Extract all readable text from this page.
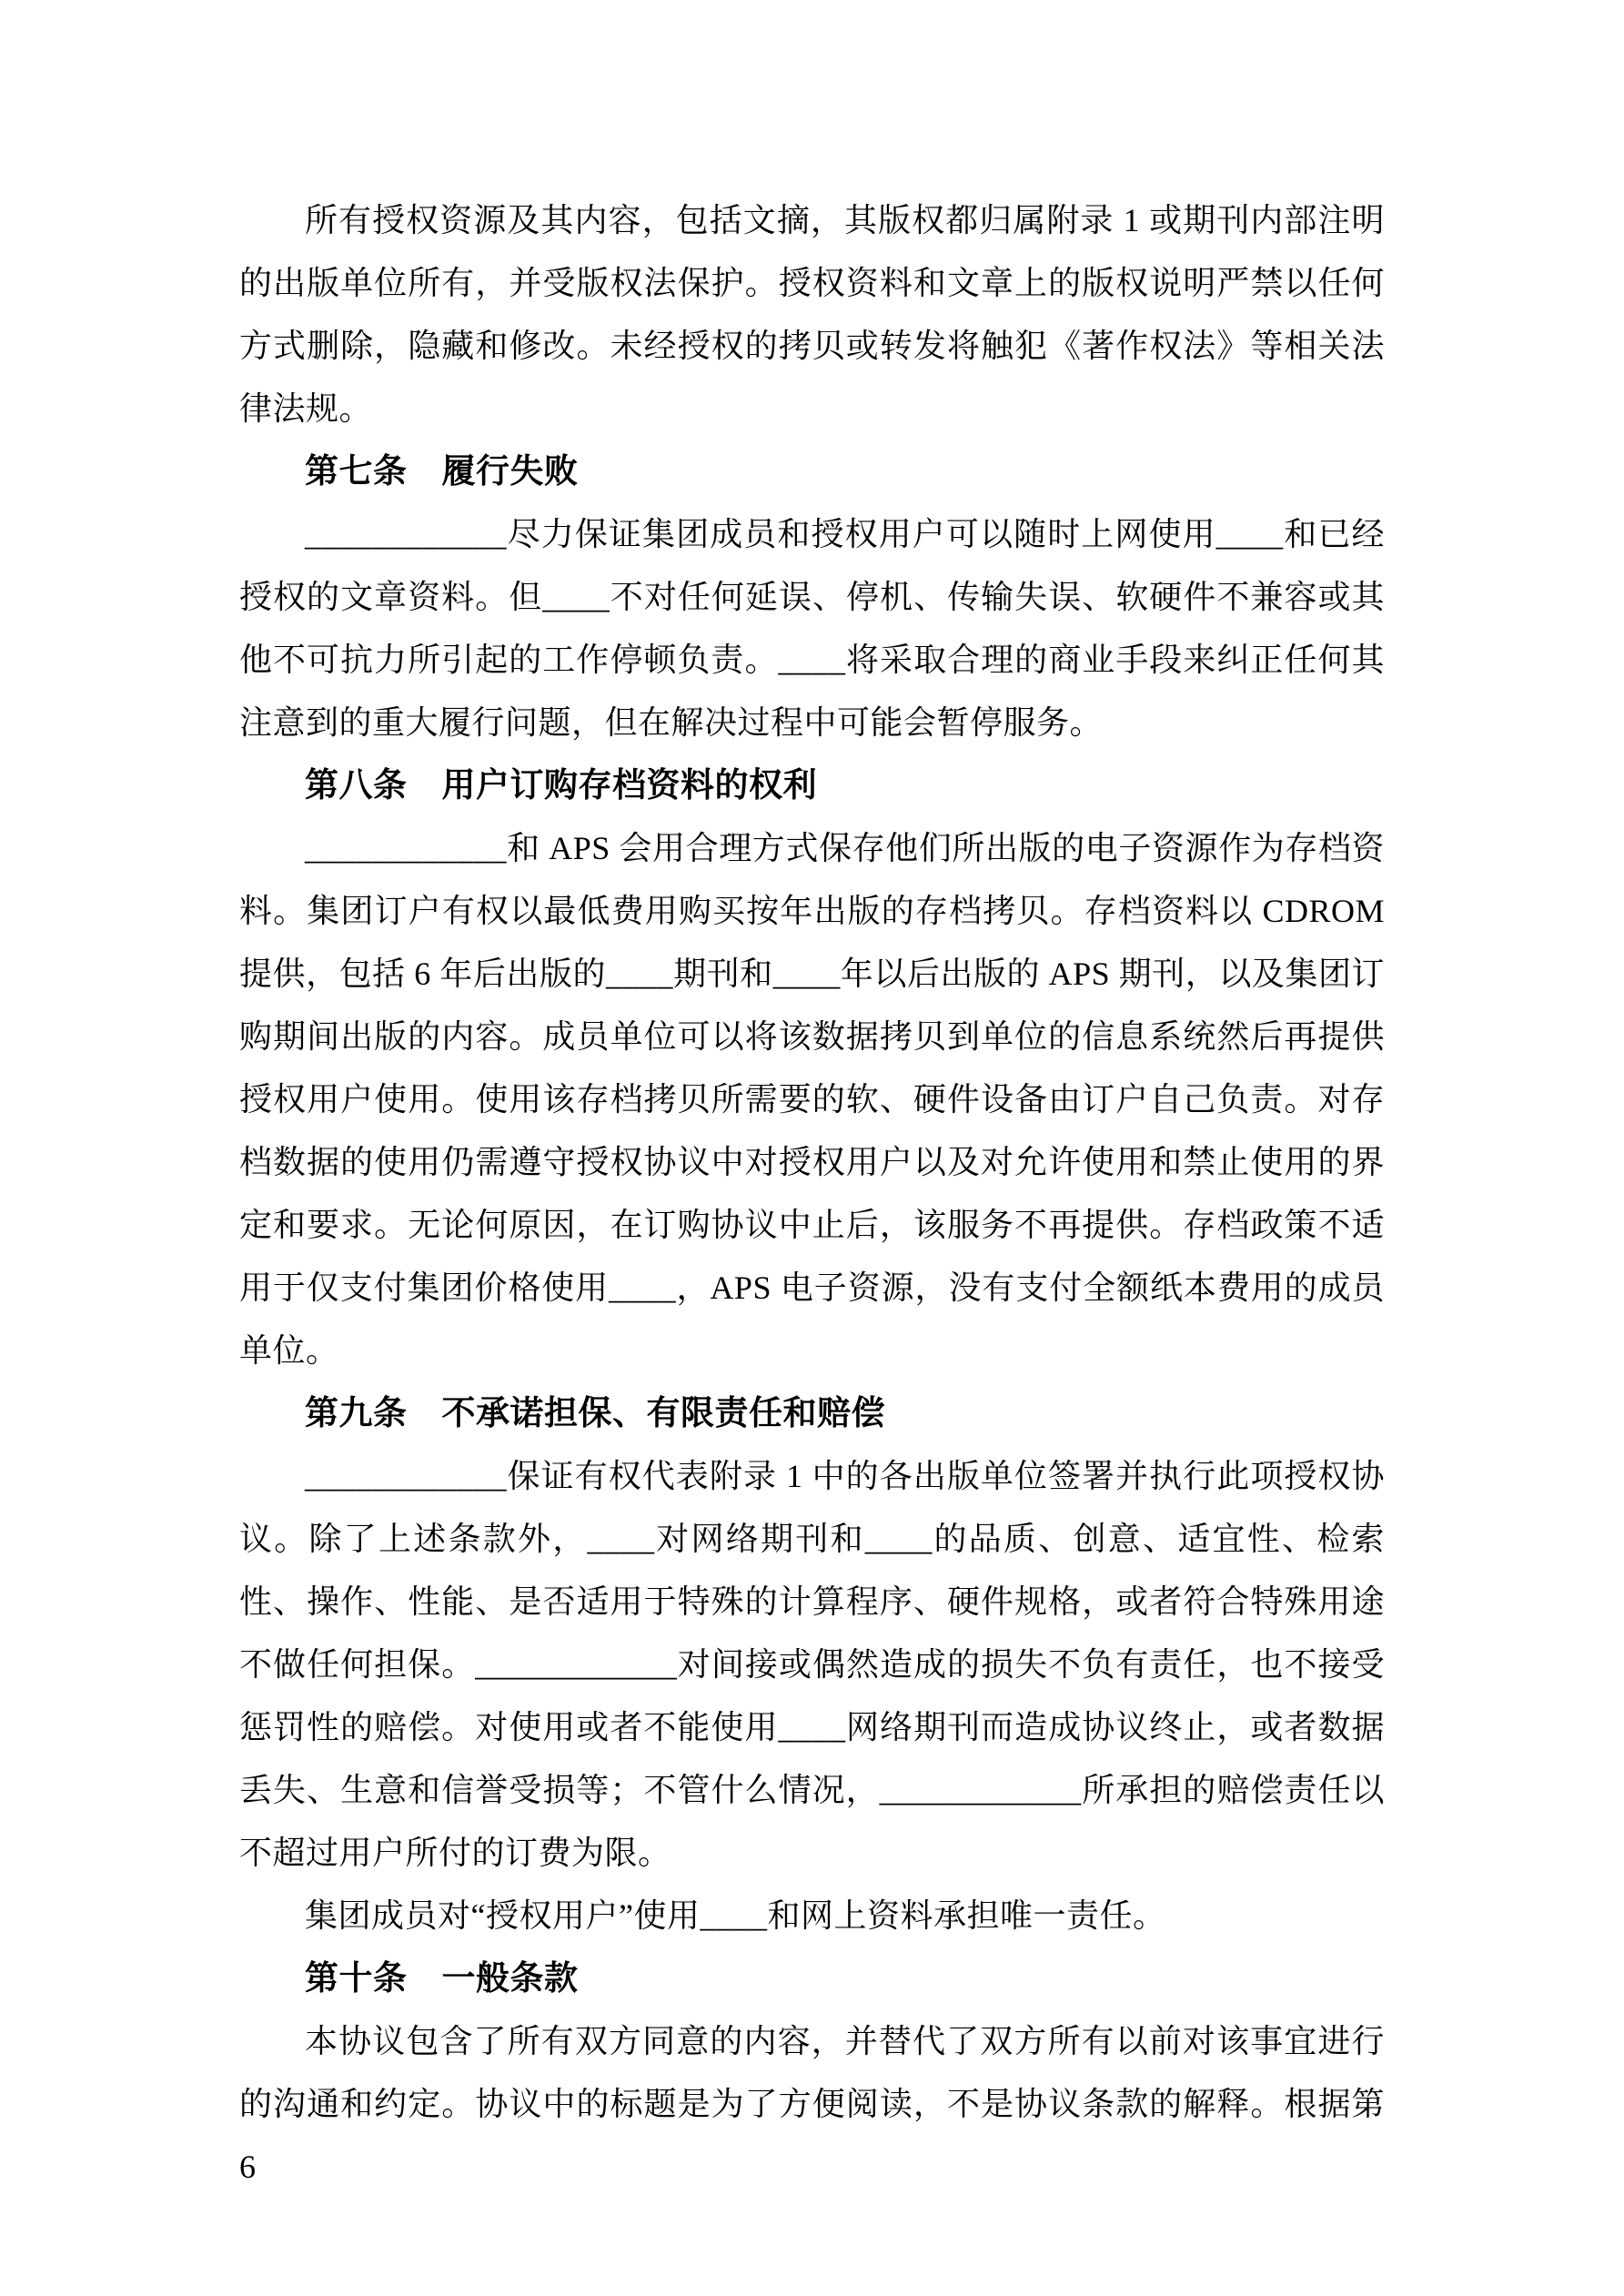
所有授权资源及其内容，包括文摘，其版权都归属附录 1 或期刊内部注明的出版单位所有，并受版权法保护。授权资料和文章上的版权说明严禁以任何方式删除，隐藏和修改。未经授权的拷贝或转发将触犯《著作权法》等相关法律法规。

第七条 履行失败

____________尽力保证集团成员和授权用户可以随时上网使用____和已经授权的文章资料。但____不对任何延误、停机、传输失误、软硬件不兼容或其他不可抗力所引起的工作停顿负责。____将采取合理的商业手段来纠正任何其注意到的重大履行问题，但在解决过程中可能会暂停服务。

第八条 用户订购存档资料的权利

____________和 APS 会用合理方式保存他们所出版的电子资源作为存档资料。集团订户有权以最低费用购买按年出版的存档拷贝。存档资料以 CDROM 提供，包括 6 年后出版的____期刊和____年以后出版的 APS 期刊，以及集团订购期间出版的内容。成员单位可以将该数据拷贝到单位的信息系统然后再提供授权用户使用。使用该存档拷贝所需要的软、硬件设备由订户自己负责。对存档数据的使用仍需遵守授权协议中对授权用户以及对允许使用和禁止使用的界定和要求。无论何原因，在订购协议中止后，该服务不再提供。存档政策不适用于仅支付集团价格使用____，APS 电子资源，没有支付全额纸本费用的成员单位。

第九条 不承诺担保、有限责任和赔偿

____________保证有权代表附录 1 中的各出版单位签署并执行此项授权协议。除了上述条款外，____对网络期刊和____的品质、创意、适宜性、检索性、操作、性能、是否适用于特殊的计算程序、硬件规格，或者符合特殊用途不做任何担保。____________对间接或偶然造成的损失不负有责任，也不接受惩罚性的赔偿。对使用或者不能使用____网络期刊而造成协议终止，或者数据丢失、生意和信誉受损等；不管什么情况，____________所承担的赔偿责任以不超过用户所付的订费为限。

集团成员对“授权用户”使用____和网上资料承担唯一责任。

第十条 一般条款

本协议包含了所有双方同意的内容，并替代了双方所有以前对该事宜进行的沟通和约定。协议中的标题是为了方便阅读，不是协议条款的解释。根据第 6
